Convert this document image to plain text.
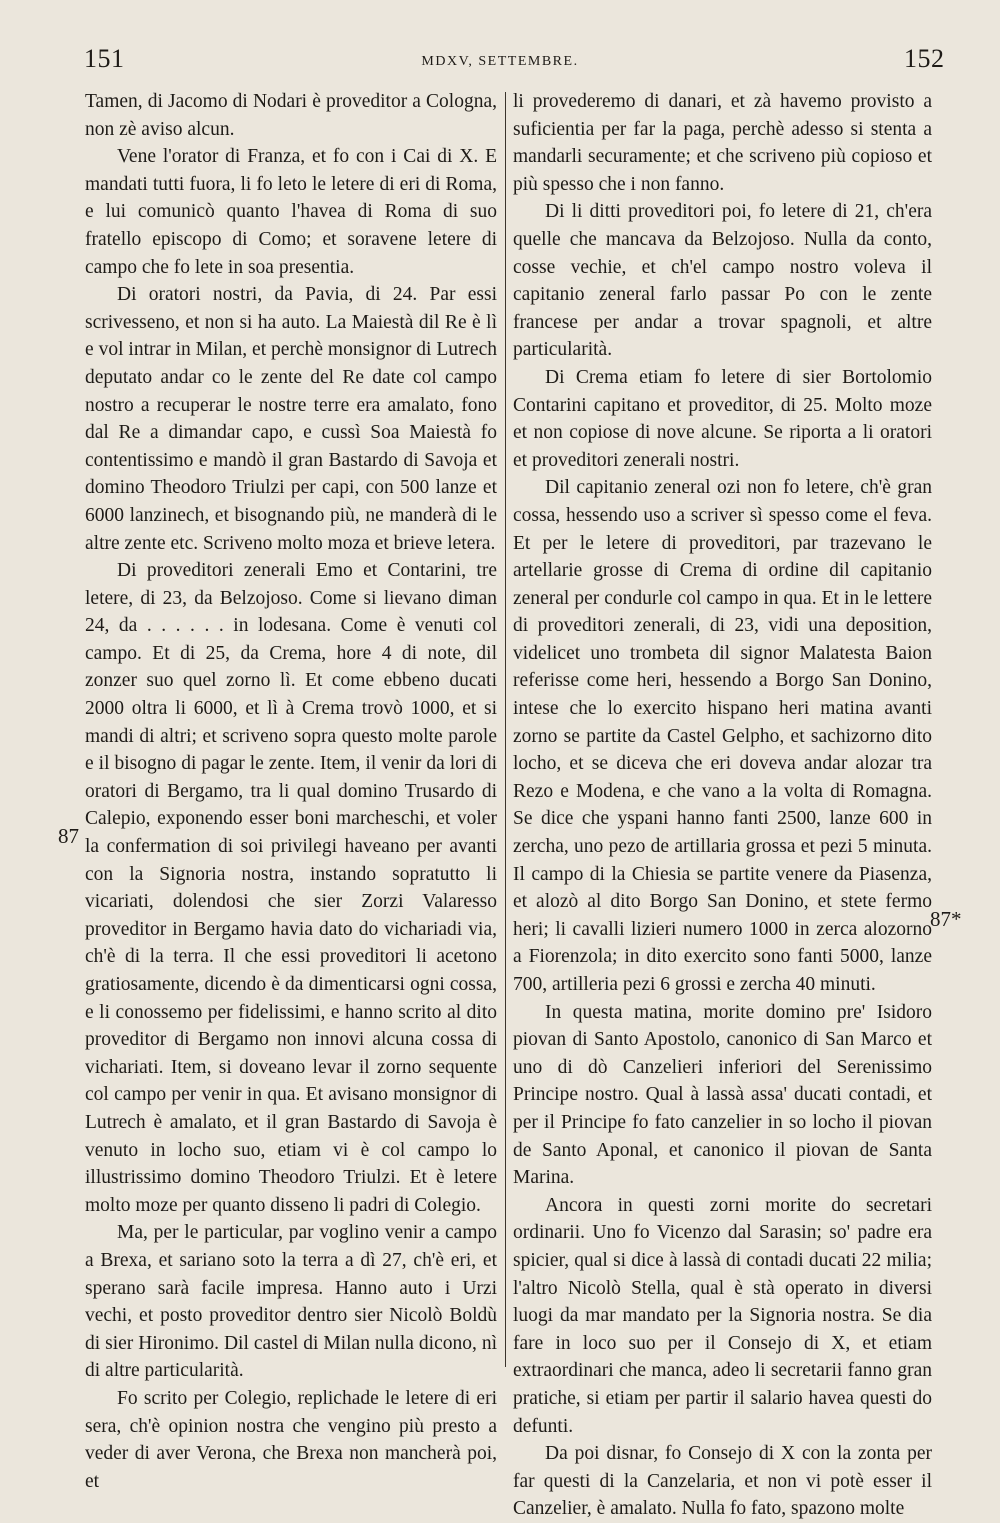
151	MDXV, SETTEMBRE.	152

Tamen, di Jacomo di Nodari è proveditor a Cologna, non zè aviso alcun.

Vene l'orator di Franza, et fo con i Cai di X. E mandati tutti fuora, li fo leto le letere di eri di Roma, e lui comunicò quanto l'havea di Roma di suo fratello episcopo di Como; et soravene letere di campo che fo lete in soa presentia.

Di oratori nostri, da Pavia, di 24. Par essi scrivesseno, et non si ha auto. La Maiestà dil Re è lì e vol intrar in Milan, et perchè monsignor di Lutrech deputato andar co le zente del Re date col campo nostro a recuperar le nostre terre era amalato, fono dal Re a dimandar capo, e cussì Soa Maiestà fo contentissimo e mandò il gran Bastardo di Savoja et domino Theodoro Triulzi per capi, con 500 lanze et 6000 lanzinech, et bisognando più, ne manderà di le altre zente etc. Scriveno molto moza et brieve letera.

Di proveditori zenerali Emo et Contarini, tre letere, di 23, da Belzojoso. Come si lievano diman 24, da . . . . . . in lodesana. Come è venuti col campo. Et di 25, da Crema, hore 4 di note, dil zonzer suo quel zorno lì. Et come ebbeno ducati 2000 oltra li 6000, et lì à Crema trovò 1000, et si mandi di altri; et scriveno sopra questo molte parole e il bisogno di pagar le zente. Item, il venir da lori di oratori di Bergamo, tra li qual domino Trusardo di Calepio, exponendo esser boni marcheschi, et voler la confermation di soi privilegi haveano per avanti con la Signoria nostra, instando sopratutto li vicariati, dolendosi che sier Zorzi Valaresso proveditor in Bergamo havia dato do vichariadi via, ch'è di la terra. Il che essi proveditori li acetono gratiosamente, dicendo è da dimenticarsi ogni cossa, e li conossemo per fidelissimi, e hanno scrito al dito proveditor di Bergamo non innovi alcuna cossa di vichariati. Item, si doveano levar il zorno sequente col campo per venir in qua. Et avisano monsignor di Lutrech è amalato, et il gran Bastardo di Savoja è venuto in locho suo, etiam vi è col campo lo illustrissimo domino Theodoro Triulzi. Et è letere molto moze per quanto disseno li padri di Colegio.

Ma, per le particular, par voglino venir a campo a Brexa, et sariano soto la terra a dì 27, ch'è eri, et sperano sarà facile impresa. Hanno auto i Urzi vechi, et posto proveditor dentro sier Nicolò Boldù di sier Hironimo. Dil castel di Milan nulla dicono, nì di altre particularità.

Fo scrito per Colegio, replichade le letere di eri sera, ch'è opinion nostra che vengino più presto a veder di aver Verona, che Brexa non mancherà poi, et

li provederemo di danari, et zà havemo provisto a suficientia per far la paga, perchè adesso si stenta a mandarli securamente; et che scriveno più copioso et più spesso che i non fanno.

Di li ditti proveditori poi, fo letere di 21, ch'era quelle che mancava da Belzojoso. Nulla da conto, cosse vechie, et ch'el campo nostro voleva il capitanio zeneral farlo passar Po con le zente francese per andar a trovar spagnoli, et altre particularità.

Di Crema etiam fo letere di sier Bortolomio Contarini capitano et proveditor, di 25. Molto moze et non copiose di nove alcune. Se riporta a li oratori et proveditori zenerali nostri.

Dil capitanio zeneral ozi non fo letere, ch'è gran cossa, hessendo uso a scriver sì spesso come el feva. Et per le letere di proveditori, par trazevano le artellarie grosse di Crema di ordine dil capitanio zeneral per condurle col campo in qua. Et in le lettere di proveditori zenerali, di 23, vidi una deposition, videlicet uno trombeta dil signor Malatesta Baion referisse come heri, hessendo a Borgo San Donino, intese che lo exercito hispano heri matina avanti zorno se partite da Castel Gelpho, et sachizorno dito locho, et se diceva che eri doveva andar alozar tra Rezo e Modena, e che vano a la volta di Romagna. Se dice che yspani hanno fanti 2500, lanze 600 in zercha, uno pezo de artillaria grossa et pezi 5 minuta. Il campo di la Chiesia se partite venere da Piasenza, et alozò al dito Borgo San Donino, et stete fermo heri; li cavalli lizieri numero 1000 in zerca alozorno a Fiorenzola; in dito exercito sono fanti 5000, lanze 700, artilleria pezi 6 grossi e zercha 40 minuti.

In questa matina, morite domino pre' Isidoro piovan di Santo Apostolo, canonico di San Marco et uno di dò Canzelieri inferiori del Serenissimo Principe nostro. Qual à lassà assa' ducati contadi, et per il Principe fo fato canzelier in so locho il piovan de Santo Aponal, et canonico il piovan de Santa Marina.

Ancora in questi zorni morite do secretari ordinarii. Uno fo Vicenzo dal Sarasin; so' padre era spicier, qual si dice à lassà di contadi ducati 22 milia; l'altro Nicolò Stella, qual è stà operato in diversi luogi da mar mandato per la Signoria nostra. Se dia fare in loco suo per il Consejo di X, et etiam extraordinari che manca, adeo li secretarii fanno gran pratiche, si etiam per partir il salario havea questi do defunti.

Da poi disnar, fo Consejo di X con la zonta per far questi di la Canzelaria, et non vi potè esser il Canzelier, è amalato. Nulla fo fato, spazono molte

87
87*
